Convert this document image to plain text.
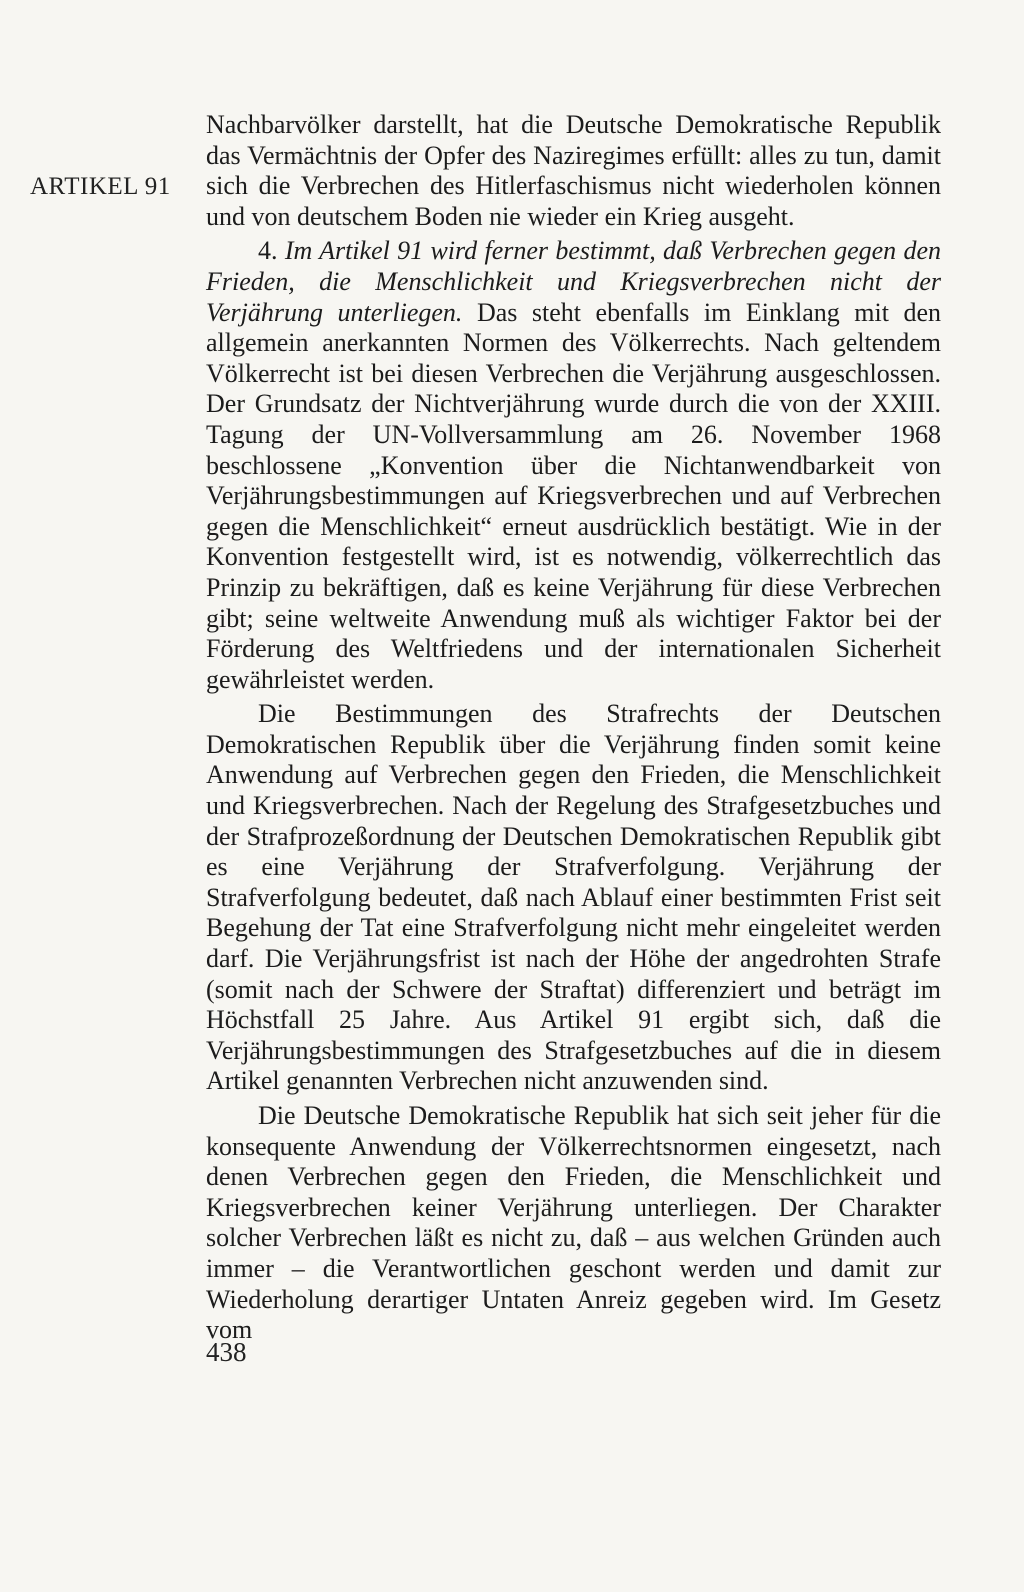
ARTIKEL 91

Nachbarvölker darstellt, hat die Deutsche Demokratische Republik das Vermächtnis der Opfer des Naziregimes erfüllt: alles zu tun, damit sich die Verbrechen des Hitlerfaschismus nicht wiederholen können und von deutschem Boden nie wieder ein Krieg ausgeht.

4. Im Artikel 91 wird ferner bestimmt, daß Verbrechen gegen den Frieden, die Menschlichkeit und Kriegsverbrechen nicht der Verjährung unterliegen. Das steht ebenfalls im Einklang mit den allgemein anerkannten Normen des Völkerrechts. Nach geltendem Völkerrecht ist bei diesen Verbrechen die Verjährung ausgeschlossen. Der Grundsatz der Nichtverjährung wurde durch die von der XXIII. Tagung der UN-Vollversammlung am 26. November 1968 beschlossene „Konvention über die Nichtanwendbarkeit von Verjährungsbestimmungen auf Kriegsverbrechen und auf Verbrechen gegen die Menschlichkeit“ erneut ausdrücklich bestätigt. Wie in der Konvention festgestellt wird, ist es notwendig, völkerrechtlich das Prinzip zu bekräftigen, daß es keine Verjährung für diese Verbrechen gibt; seine weltweite Anwendung muß als wichtiger Faktor bei der Förderung des Weltfriedens und der internationalen Sicherheit gewährleistet werden.

Die Bestimmungen des Strafrechts der Deutschen Demokratischen Republik über die Verjährung finden somit keine Anwendung auf Verbrechen gegen den Frieden, die Menschlichkeit und Kriegsverbrechen. Nach der Regelung des Strafgesetzbuches und der Strafprozeßordnung der Deutschen Demokratischen Republik gibt es eine Verjährung der Strafverfolgung. Verjährung der Strafverfolgung bedeutet, daß nach Ablauf einer bestimmten Frist seit Begehung der Tat eine Strafverfolgung nicht mehr eingeleitet werden darf. Die Verjährungsfrist ist nach der Höhe der angedrohten Strafe (somit nach der Schwere der Straftat) differenziert und beträgt im Höchstfall 25 Jahre. Aus Artikel 91 ergibt sich, daß die Verjährungsbestimmungen des Strafgesetzbuches auf die in diesem Artikel genannten Verbrechen nicht anzuwenden sind.

Die Deutsche Demokratische Republik hat sich seit jeher für die konsequente Anwendung der Völkerrechtsnormen eingesetzt, nach denen Verbrechen gegen den Frieden, die Menschlichkeit und Kriegsverbrechen keiner Verjährung unterliegen. Der Charakter solcher Verbrechen läßt es nicht zu, daß – aus welchen Gründen auch immer – die Verantwortlichen geschont werden und damit zur Wiederholung derartiger Untaten Anreiz gegeben wird. Im Gesetz vom

438
